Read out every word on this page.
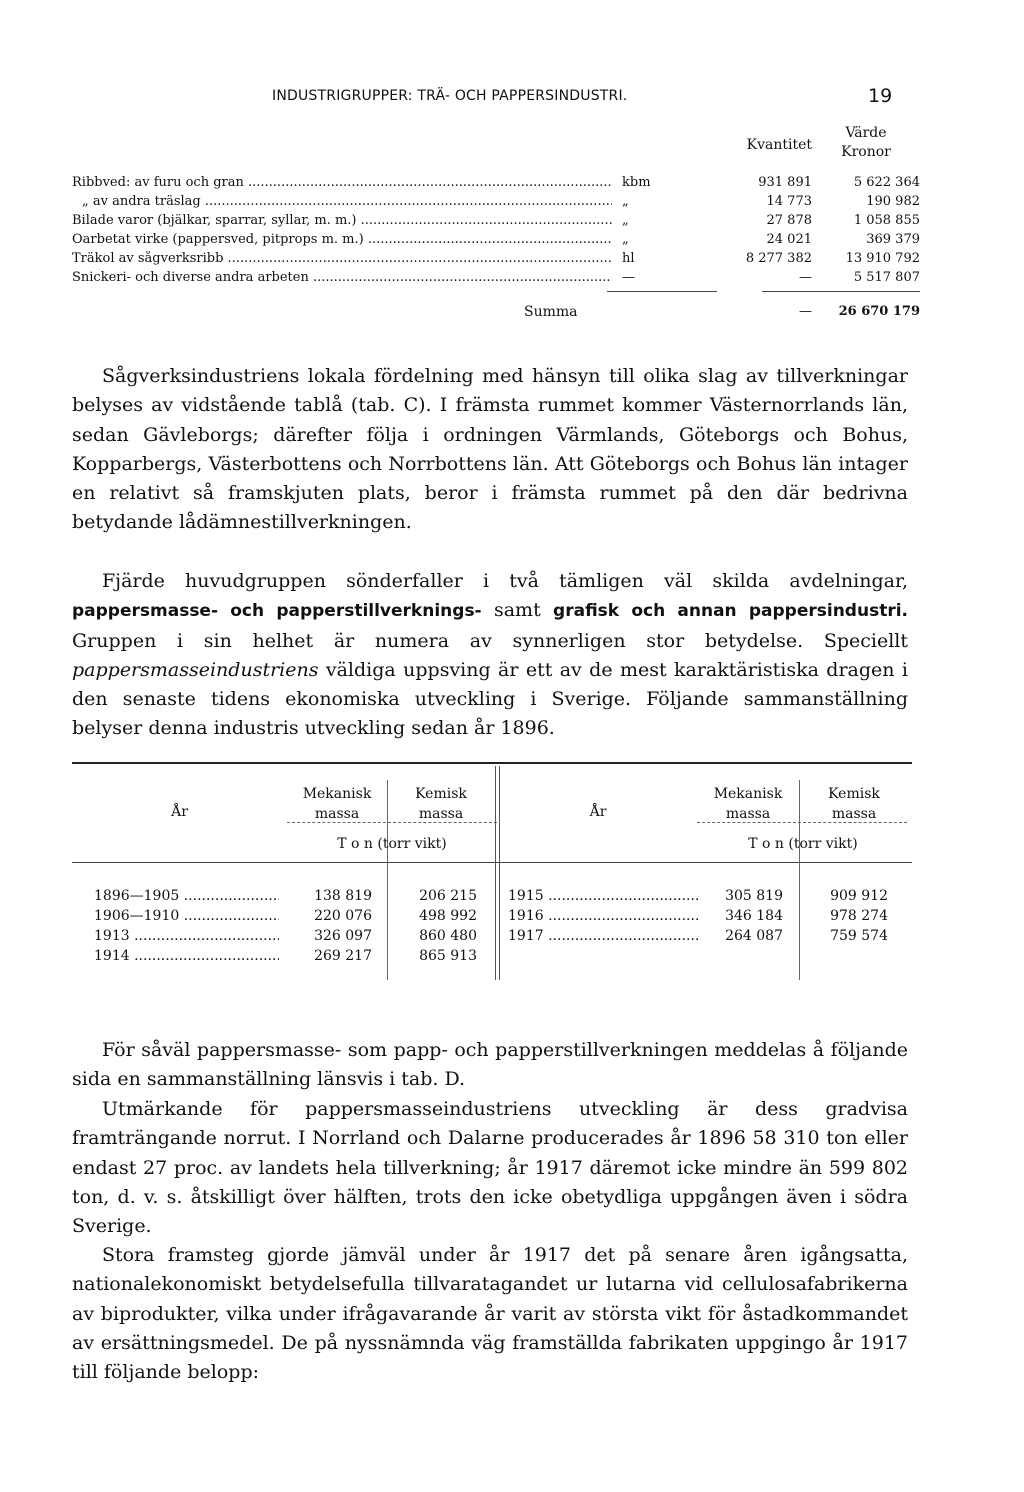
INDUSTRIGRUPPER: TRÄ- OCH PAPPERSINDUSTRI.	19
Kvantitet
Värde
Kronor
Ribbved: av furu och gran .....	kbm	931 891	5 622 364
„ av andra träslag .....	„	14 773	190 982
Bilade varor (bjälkar, sparrar, syllar, m. m.) .....	„	27 878	1 058 855
Oarbetat virke (pappersved, pitprops m. m.) .....	„	24 021	369 379
Träkol av sågverksribb .....	hl	8 277 382	13 910 792
Snickeri- och diverse andra arbeten .....	—	—	5 517 807
Summa	—	26 670 179

Sågverksindustriens lokala fördelning med hänsyn till olika slag av tillverkningar belyses av vidstående tablå (tab. C). I främsta rummet kommer Västernorrlands län, sedan Gävleborgs; därefter följa i ordningen Värmlands, Göteborgs och Bohus, Kopparbergs, Västerbottens och Norrbottens län. Att Göteborgs och Bohus län intager en relativt så framskjuten plats, beror i främsta rummet på den där bedrivna betydande lådämnestillverkningen.

Fjärde huvudgruppen sönderfaller i två tämligen väl skilda avdelningar, pappersmasse- och papperstillverknings- samt grafisk och annan pappersindustri. Gruppen i sin helhet är numera av synnerligen stor betydelse. Speciellt pappersmasseindustriens väldiga uppsving är ett av de mest karaktäristiska dragen i den senaste tidens ekonomiska utveckling i Sverige. Följande sammanställning belyser denna industris utveckling sedan år 1896.

År
Mekanisk
massa
Kemisk
massa
T o n (torr vikt)
År
Mekanisk
massa
Kemisk
massa
T o n (torr vikt)
1896—1905 .....	138 819	206 215
1906—1910 .....	220 076	498 992
1913 .....	326 097	860 480
1914 .....	269 217	865 913
1915 .....	305 819	909 912
1916 .....	346 184	978 274
1917 .....	264 087	759 574

För såväl pappersmasse- som papp- och papperstillverkningen meddelas å följande sida en sammanställning länsvis i tab. D.

Utmärkande för pappersmasseindustriens utveckling är dess gradvisa framträngande norrut. I Norrland och Dalarne producerades år 1896 58 310 ton eller endast 27 proc. av landets hela tillverkning; år 1917 däremot icke mindre än 599 802 ton, d. v. s. åtskilligt över hälften, trots den icke obetydliga uppgången även i södra Sverige.

Stora framsteg gjorde jämväl under år 1917 det på senare åren igångsatta, nationalekonomiskt betydelsefulla tillvaratagandet ur lutarna vid cellulosafabrikerna av biprodukter, vilka under ifrågavarande år varit av största vikt för åstadkommandet av ersättningsmedel. De på nyssnämnda väg framställda fabrikaten uppgingo år 1917 till följande belopp:
